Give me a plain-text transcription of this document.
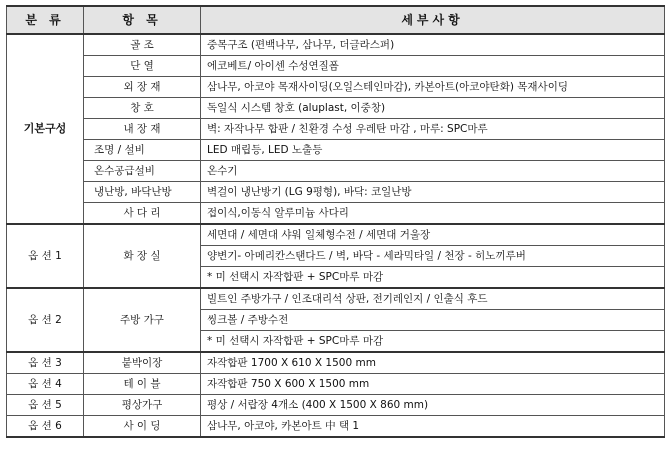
분 류	항 목	세부사항
기본구성	골 조	중목구조 (편백나무, 삼나무, 더글라스퍼)
	단 열	에코베트/ 아이센 수성연질폼
	외 장 재	삼나무, 아코야 목재사이딩(오일스테인마감), 카본아트(아코야탄화) 목재사이딩
	창 호	독일식 시스템 창호 (aluplast, 이중창)
	내 장 재	벽: 자작나무 합판 / 친환경 수성 우레탄 마감 , 마루: SPC마루
	조명 / 설비	LED 매립등, LED 노출등
	온수공급설비	온수기
	냉난방, 바닥난방	벽걸이 냉난방기 (LG 9평형), 바닥: 코일난방
	사 다 리	접이식,이동식 알루미늄 사다리
옵 션 1	화 장 실	세면대 / 세면대 샤워 일체형수전 / 세면대 거울장
		양변기- 아메리칸스탠다드 / 벽, 바닥 - 세라믹타일 / 천장 - 히노끼루버
		* 미 선택시 자작합판 + SPC마루 마감
옵 션 2	주방 가구	빌트인 주방가구 / 인조대리석 상판, 전기레인지 / 인출식 후드
		씽크볼 / 주방수전
		* 미 선택시 자작합판 + SPC마루 마감
옵 션 3	붙박이장	자작합판 1700 X 610 X 1500 mm
옵 션 4	테 이 블	자작합판 750 X 600 X 1500 mm
옵 션 5	평상가구	평상 / 서랍장 4개소 (400 X 1500 X 860 mm)
옵 션 6	사 이 딩	삼나무, 아코야, 카본아트 中 택 1
